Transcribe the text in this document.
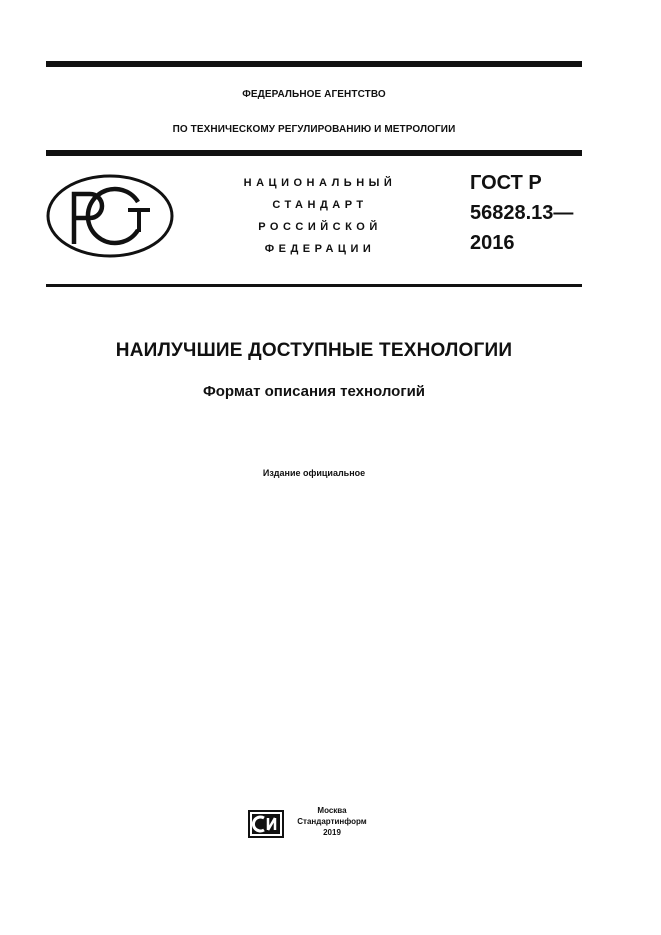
ФЕДЕРАЛЬНОЕ АГЕНТСТВО
ПО ТЕХНИЧЕСКОМУ РЕГУЛИРОВАНИЮ И МЕТРОЛОГИИ
НАЦИОНАЛЬНЫЙ
СТАНДАРТ
РОССИЙСКОЙ
ФЕДЕРАЦИИ
ГОСТ Р
56828.13—
2016
НАИЛУЧШИЕ ДОСТУПНЫЕ ТЕХНОЛОГИИ
Формат описания технологий
Издание официальное
Москва
Стандартинформ
2019
